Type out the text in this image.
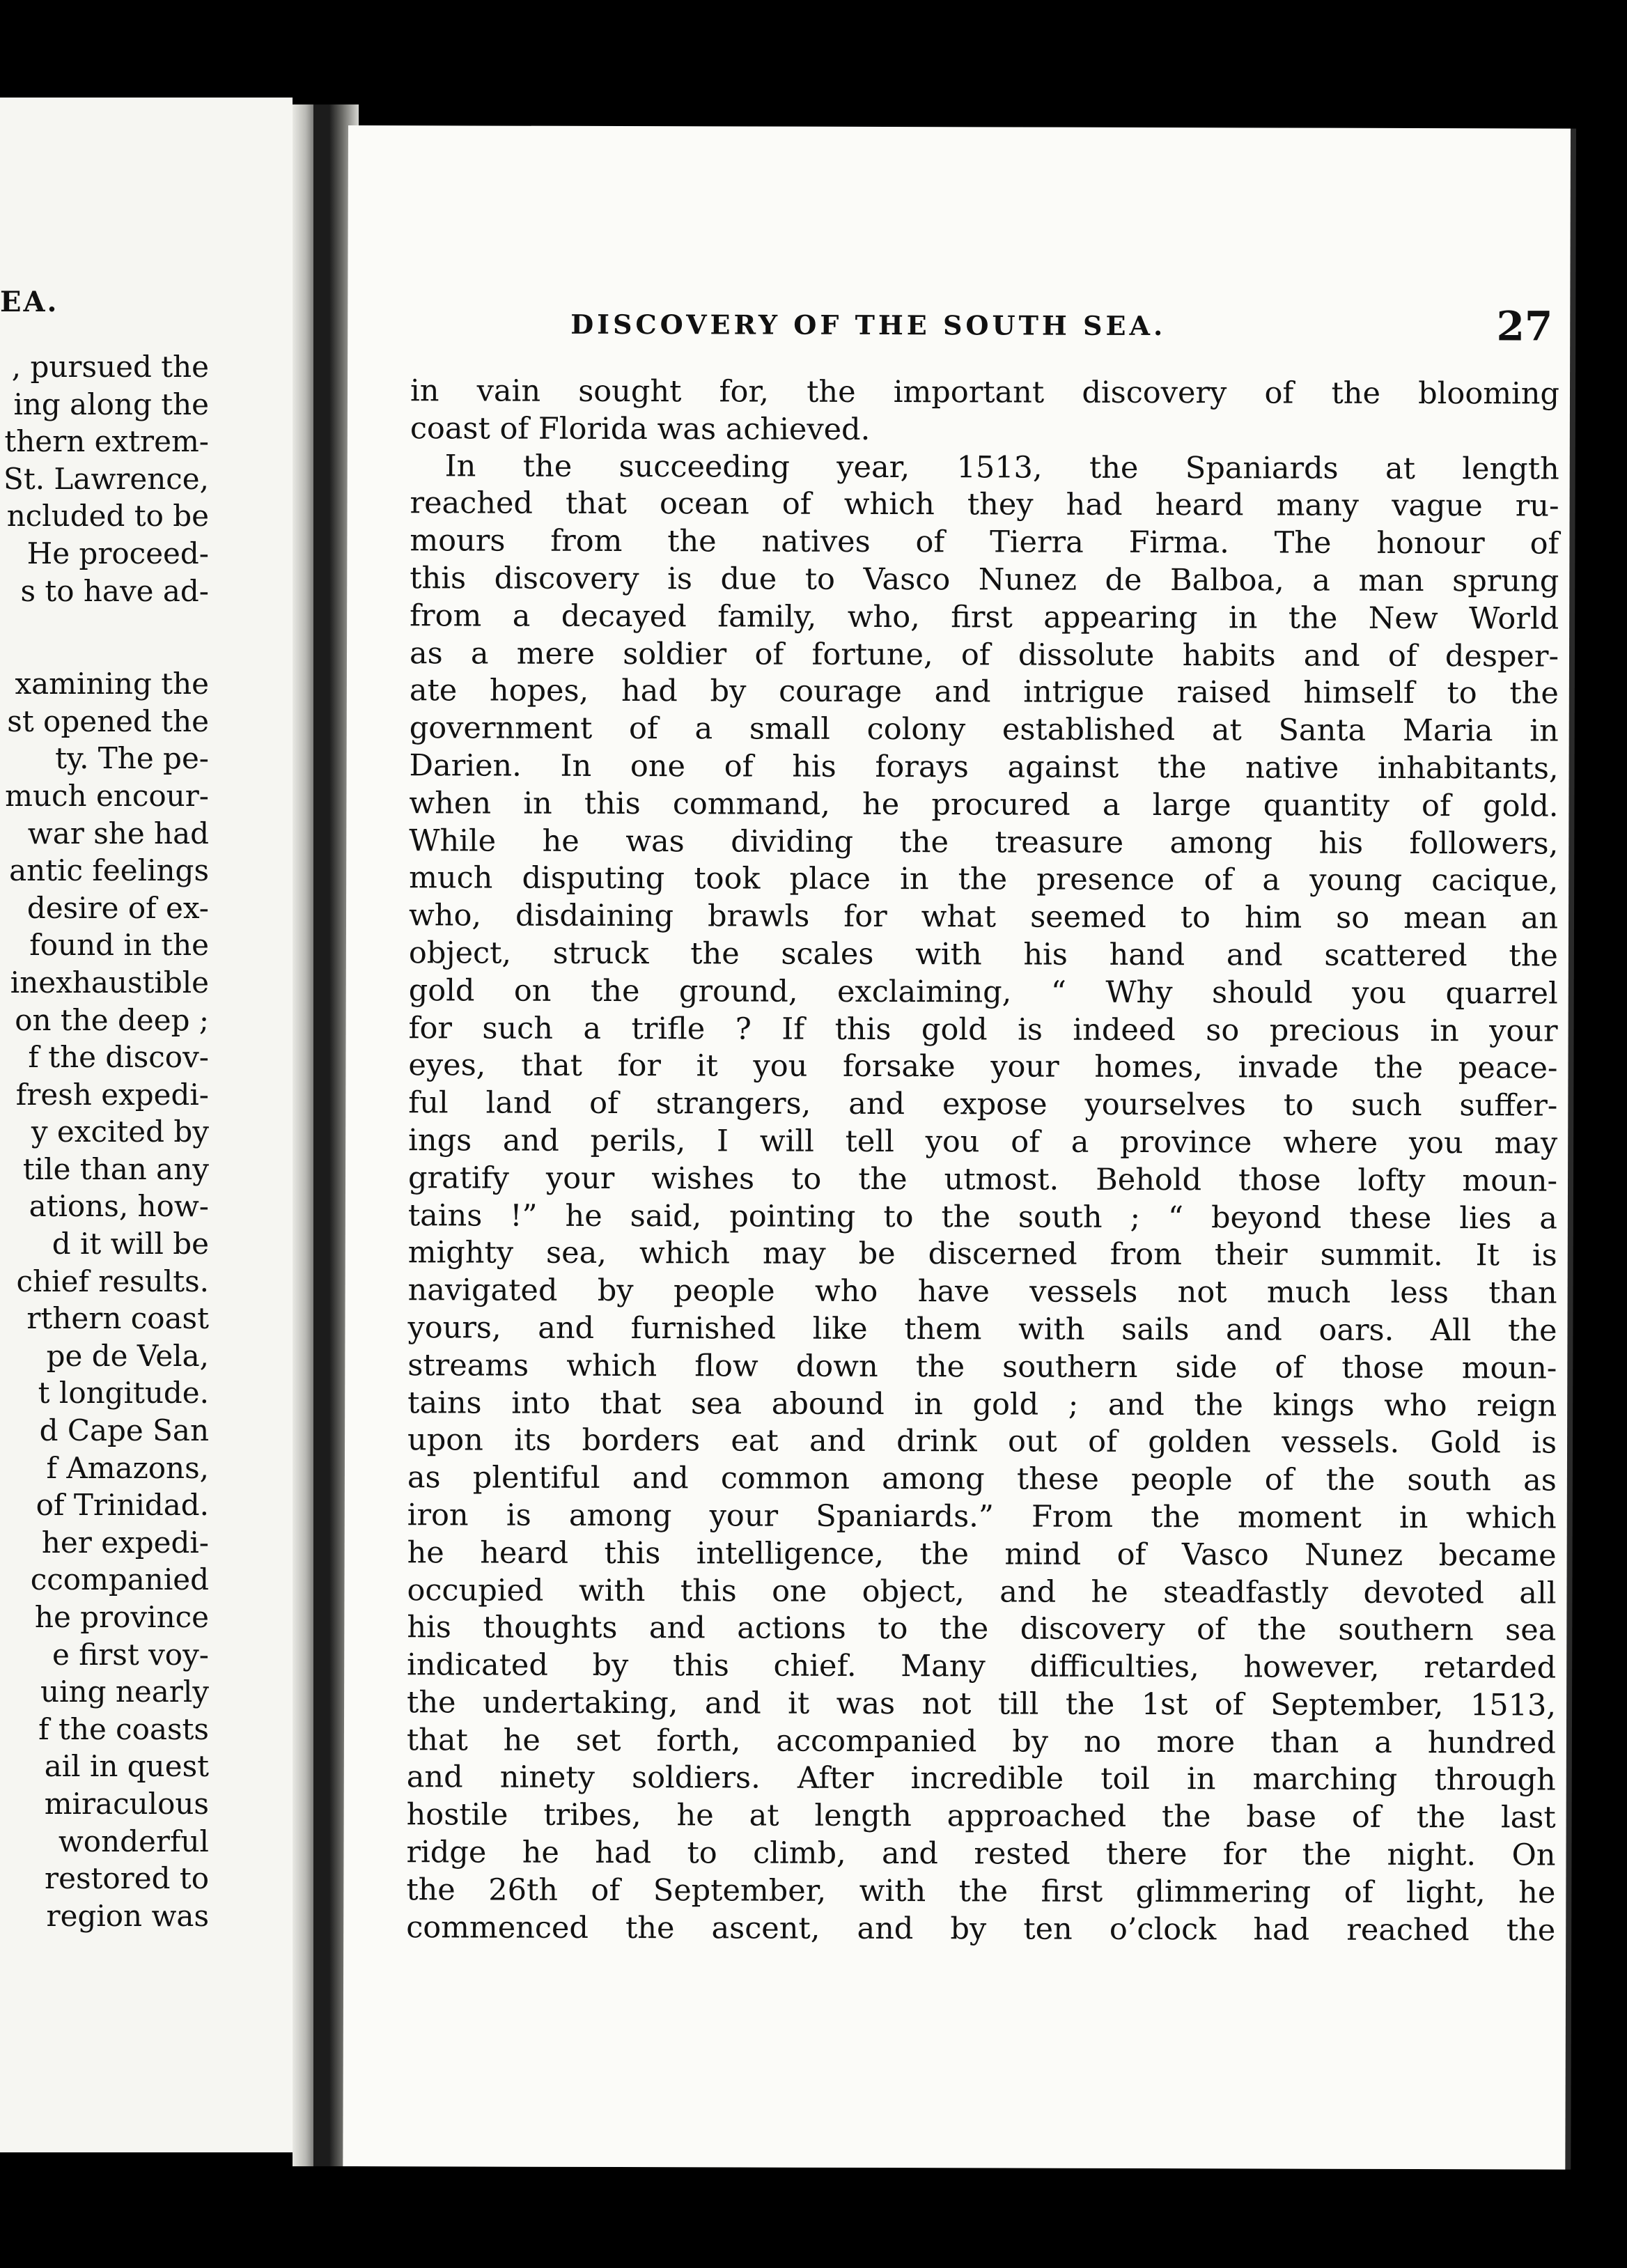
EA.
, pursued the
ing along the
thern extrem-
St. Lawrence,
ncluded to be
He proceed-
s to have ad-
xamining the
st opened the
ty. The pe-
much encour-
war she had
antic feelings
desire of ex-
found in the
inexhaustible
on the deep ;
f the discov-
fresh expedi-
y excited by
tile than any
ations, how-
d it will be
chief results.
rthern coast
pe de Vela,
t longitude.
d Cape San
f Amazons,
of Trinidad.
her expedi-
ccompanied
he province
e first voy-
uing nearly
f the coasts
ail in quest
miraculous
wonderful
restored to
region was
DISCOVERY OF THE SOUTH SEA.	27
in vain sought for, the important discovery of the blooming
coast of Florida was achieved.
In the succeeding year, 1513, the Spaniards at length
reached that ocean of which they had heard many vague ru-
mours from the natives of Tierra Firma. The honour of
this discovery is due to Vasco Nunez de Balboa, a man sprung
from a decayed family, who, first appearing in the New World
as a mere soldier of fortune, of dissolute habits and of desper-
ate hopes, had by courage and intrigue raised himself to the
government of a small colony established at Santa Maria in
Darien. In one of his forays against the native inhabitants,
when in this command, he procured a large quantity of gold.
While he was dividing the treasure among his followers,
much disputing took place in the presence of a young cacique,
who, disdaining brawls for what seemed to him so mean an
object, struck the scales with his hand and scattered the
gold on the ground, exclaiming, “ Why should you quarrel
for such a trifle ? If this gold is indeed so precious in your
eyes, that for it you forsake your homes, invade the peace-
ful land of strangers, and expose yourselves to such suffer-
ings and perils, I will tell you of a province where you may
gratify your wishes to the utmost. Behold those lofty moun-
tains !” he said, pointing to the south ; “ beyond these lies a
mighty sea, which may be discerned from their summit. It is
navigated by people who have vessels not much less than
yours, and furnished like them with sails and oars. All the
streams which flow down the southern side of those moun-
tains into that sea abound in gold ; and the kings who reign
upon its borders eat and drink out of golden vessels. Gold is
as plentiful and common among these people of the south as
iron is among your Spaniards.” From the moment in which
he heard this intelligence, the mind of Vasco Nunez became
occupied with this one object, and he steadfastly devoted all
his thoughts and actions to the discovery of the southern sea
indicated by this chief. Many difficulties, however, retarded
the undertaking, and it was not till the 1st of September, 1513,
that he set forth, accompanied by no more than a hundred
and ninety soldiers. After incredible toil in marching through
hostile tribes, he at length approached the base of the last
ridge he had to climb, and rested there for the night. On
the 26th of September, with the first glimmering of light, he
commenced the ascent, and by ten o’clock had reached the
